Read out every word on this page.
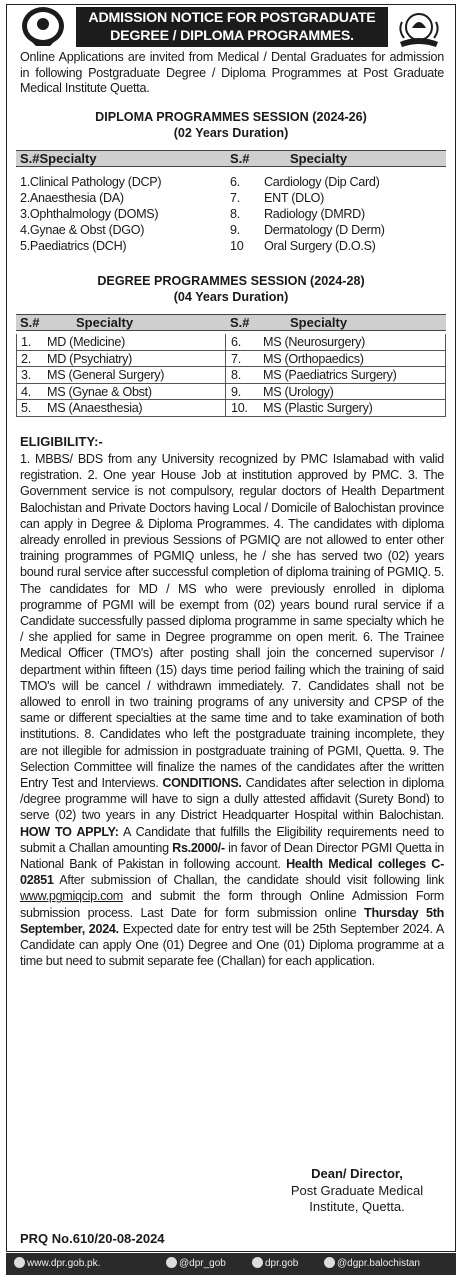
ADMISSION NOTICE FOR POSTGRADUATE
DEGREE / DIPLOMA PROGRAMMES.
Online Applications are invited from Medical / Dental Graduates for admission in following Postgraduate Degree / Diploma Programmes at Post Graduate Medical Institute Quetta.
DIPLOMA PROGRAMMES SESSION (2024-26)
(02 Years Duration)
S.#Specialty	S.#	Specialty
1.Clinical Pathology (DCP)	6. Cardiology (Dip Card)
2.Anaesthesia (DA)	7. ENT (DLO)
3.Ophthalmology (DOMS)	8. Radiology (DMRD)
4.Gynae & Obst (DGO)	9. Dermatology (D Derm)
5.Paediatrics (DCH)	10 Oral Surgery (D.O.S)
DEGREE PROGRAMMES SESSION (2024-28)
(04 Years Duration)
S.#	Specialty	S.#	Specialty
1. MD (Medicine)	6. MS (Neurosurgery)
2. MD (Psychiatry)	7. MS (Orthopaedics)
3. MS (General Surgery)	8. MS (Paediatrics Surgery)
4. MS (Gynae & Obst)	9. MS (Urology)
5. MS (Anaesthesia)	10. MS (Plastic Surgery)
ELIGIBILITY:-
1. MBBS/ BDS from any University recognized by PMC Islamabad with valid registration. 2. One year House Job at institution approved by PMC. 3. The Government service is not compulsory, regular doctors of Health Department Balochistan and Private Doctors having Local / Domicile of Balochistan province can apply in Degree & Diploma Programmes. 4. The candidates with diploma already enrolled in previous Sessions of PGMIQ are not allowed to enter other training programmes of PGMIQ unless, he / she has served two (02) years bound rural service after successful completion of diploma training of PGMIQ. 5. The candidates for MD / MS who were previously enrolled in diploma programme of PGMI will be exempt from (02) years bound rural service if a Candidate successfully passed diploma programme in same specialty which he / she applied for same in Degree programme on open merit. 6. The Trainee Medical Officer (TMO's) after posting shall join the concerned supervisor / department within fifteen (15) days time period failing which the training of said TMO's will be cancel / withdrawn immediately. 7. Candidates shall not be allowed to enroll in two training programs of any university and CPSP of the same or different specialties at the same time and to take examination of both institutions. 8. Candidates who left the postgraduate training incomplete, they are not illegible for admission in postgraduate training of PGMI, Quetta. 9. The Selection Committee will finalize the names of the candidates after the written Entry Test and Interviews. CONDITIONS. Candidates after selection in diploma /degree programme will have to sign a dully attested affidavit (Surety Bond) to serve (02) two years in any District Headquarter Hospital within Balochistan. HOW TO APPLY: A Candidate that fulfills the Eligibility requirements need to submit a Challan amounting Rs.2000/- in favor of Dean Director PGMI Quetta in National Bank of Pakistan in following account. Health Medical colleges C-02851 After submission of Challan, the candidate should visit following link www.pgmiqcip.com and submit the form through Online Admission Form submission process. Last Date for form submission online Thursday 5th September, 2024. Expected date for entry test will be 25th September 2024. A Candidate can apply One (01) Degree and One (01) Diploma programme at a time but need to submit separate fee (Challan) for each application.
Dean/ Director,
Post Graduate Medical
Institute, Quetta.
PRQ No.610/20-08-2024
www.dpr.gob.pk.	@dpr_gob	dpr.gob	@dgpr.balochistan
